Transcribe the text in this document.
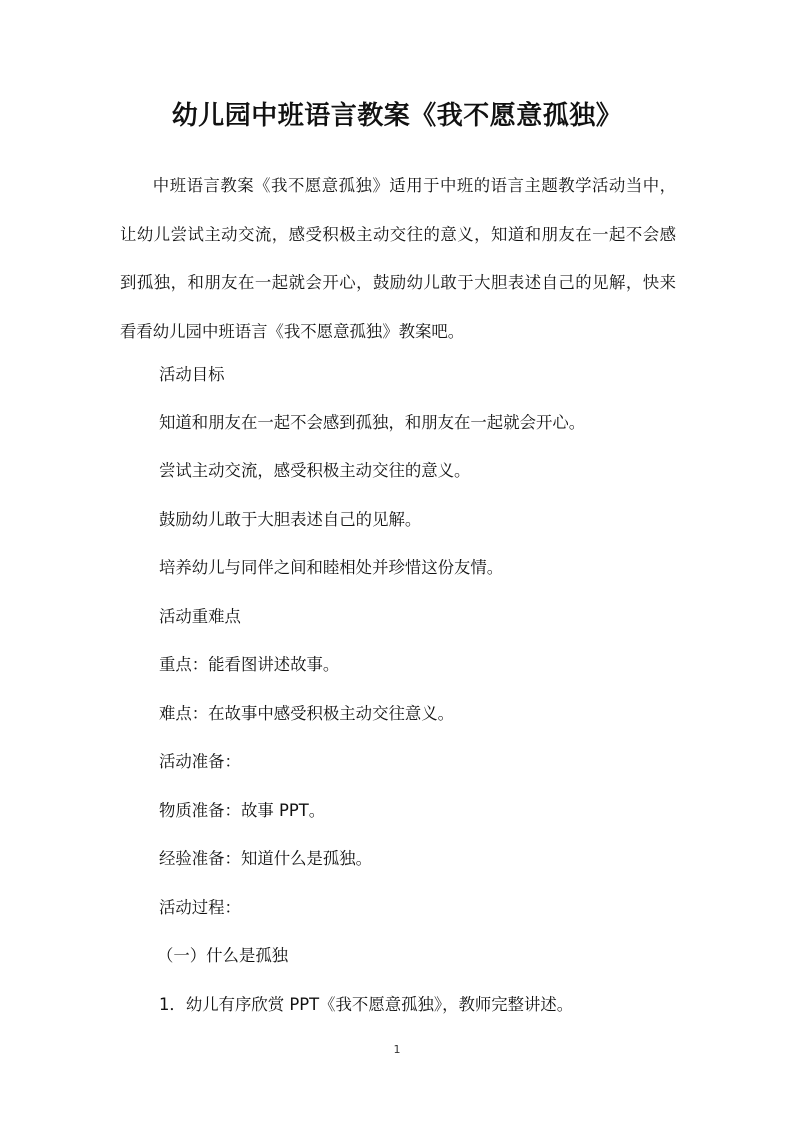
幼儿园中班语言教案《我不愿意孤独》

中班语言教案《我不愿意孤独》适用于中班的语言主题教学活动当中，让幼儿尝试主动交流，感受积极主动交往的意义，知道和朋友在一起不会感到孤独，和朋友在一起就会开心，鼓励幼儿敢于大胆表述自己的见解，快来看看幼儿园中班语言《我不愿意孤独》教案吧。

活动目标

知道和朋友在一起不会感到孤独，和朋友在一起就会开心。

尝试主动交流，感受积极主动交往的意义。

鼓励幼儿敢于大胆表述自己的见解。

培养幼儿与同伴之间和睦相处并珍惜这份友情。

活动重难点

重点：能看图讲述故事。

难点：在故事中感受积极主动交往意义。

活动准备：

物质准备：故事 PPT。

经验准备：知道什么是孤独。

活动过程：

（一）什么是孤独

1．幼儿有序欣赏 PPT《我不愿意孤独》，教师完整讲述。

1
